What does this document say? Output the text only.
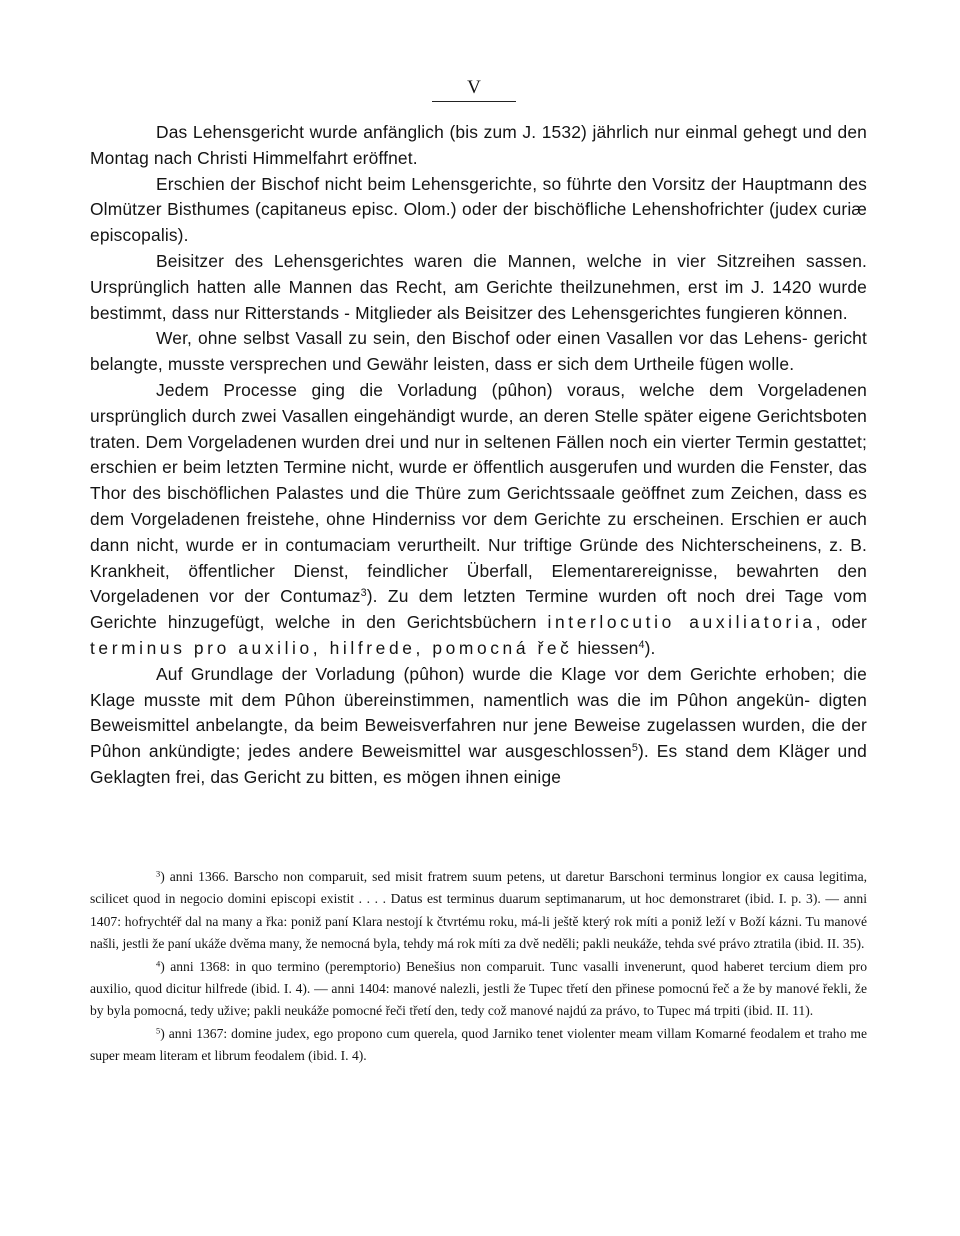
V

Das Lehensgericht wurde anfänglich (bis zum J. 1532) jährlich nur einmal gehegt und den Montag nach Christi Himmelfahrt eröffnet.

Erschien der Bischof nicht beim Lehensgerichte, so führte den Vorsitz der Hauptmann des Olmützer Bisthumes (capitaneus episc. Olom.) oder der bischöfliche Lehenshofrichter (judex curiæ episcopalis).

Beisitzer des Lehensgerichtes waren die Mannen, welche in vier Sitzreihen sassen. Ursprünglich hatten alle Mannen das Recht, am Gerichte theilzunehmen, erst im J. 1420 wurde bestimmt, dass nur Ritterstands - Mitglieder als Beisitzer des Lehensgerichtes fungieren können.

Wer, ohne selbst Vasall zu sein, den Bischof oder einen Vasallen vor das Lehens- gericht belangte, musste versprechen und Gewähr leisten, dass er sich dem Urtheile fügen wolle.

Jedem Processe ging die Vorladung (pûhon) voraus, welche dem Vorgeladenen ursprünglich durch zwei Vasallen eingehändigt wurde, an deren Stelle später eigene Gerichtsboten traten. Dem Vorgeladenen wurden drei und nur in seltenen Fällen noch ein vierter Termin gestattet; erschien er beim letzten Termine nicht, wurde er öffentlich ausgerufen und wurden die Fenster, das Thor des bischöflichen Palastes und die Thüre zum Gerichtssaale geöffnet zum Zeichen, dass es dem Vorgeladenen freistehe, ohne Hinderniss vor dem Gerichte zu erscheinen. Erschien er auch dann nicht, wurde er in contumaciam verurtheilt. Nur triftige Gründe des Nichterscheinens, z. B. Krankheit, öffentlicher Dienst, feindlicher Überfall, Elementarereignisse, bewahrten den Vorgeladenen vor der Contumaz$^3$). Zu dem letzten Termine wurden oft noch drei Tage vom Gerichte hinzugefügt, welche in den Gerichtsbüchern interlocutio auxiliatoria, oder terminus pro auxilio, hilfrede, pomocná řeč hiessen$^4$).

Auf Grundlage der Vorladung (pûhon) wurde die Klage vor dem Gerichte erhoben; die Klage musste mit dem Pûhon übereinstimmen, namentlich was die im Pûhon angekün- digten Beweismittel anbelangte, da beim Beweisverfahren nur jene Beweise zugelassen wurden, die der Pûhon ankündigte; jedes andere Beweismittel war ausgeschlossen$^5$). Es stand dem Kläger und Geklagten frei, das Gericht zu bitten, es mögen ihnen einige

$^3$) anni 1366. Barscho non comparuit, sed misit fratrem suum petens, ut daretur Barschoni terminus longior ex causa legitima, scilicet quod in negocio domini episcopi existit . . . . Datus est terminus duarum septimanarum, ut hoc demonstraret (ibid. I. p. 3). — anni 1407: hofrychtéř dal na many a řka: poniž paní Klara nestojí k čtvrtému roku, má-li ještě který rok míti a poniž leží v Boží kázni. Tu manové našli, jestli že paní ukáže dvěma many, že nemocná byla, tehdy má rok míti za dvě neděli; pakli neukáže, tehda své právo ztratila (ibid. II. 35).

$^4$) anni 1368: in quo termino (peremptorio) Benešius non comparuit. Tunc vasalli invenerunt, quod haberet tercium diem pro auxilio, quod dicitur hilfrede (ibid. I. 4). — anni 1404: manové nalezli, jestli že Tupec třetí den přinese pomocnú řeč a že by manové řekli, že by byla pomocná, tedy užive; pakli neukáže pomocné řeči třetí den, tedy což manové najdú za právo, to Tupec má trpiti (ibid. II. 11).

$^5$) anni 1367: domine judex, ego propono cum querela, quod Jarniko tenet violenter meam villam Komarné feodalem et traho me super meam literam et librum feodalem (ibid. I. 4).
